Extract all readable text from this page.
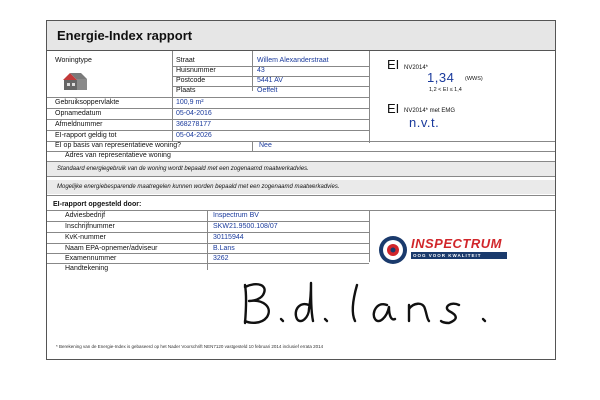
Energie-Index rapport
Woningtype	Straat	Willem Alexanderstraat
Huisnummer	43
Postcode	5441 AV
Plaats	Oeffelt
EI NV2014*
1,34 (WWS)
1,2 < EI ≤ 1,4
EI NV2014* met EMG
n.v.t.
Gebruiksoppervlakte	100,9 m²
Opnamedatum	05-04-2016
Afmeldnummer	368278177
EI-rapport geldig tot	05-04-2026
EI op basis van representatieve woning?	Nee
Adres van representatieve woning
Standaard energiegebruik van de woning wordt bepaald met een zogenaamd maatwerkadvies.
Mogelijke energiebesparende maatregelen kunnen worden bepaald met een zogenaamd maatwerkadvies.
EI-rapport opgesteld door:
Adviesbedrijf	Inspectrum BV
Inschrijfnummer	SKW21.9500.108/07
KvK-nummer	30115944
Naam EPA-opnemer/adviseur	B.Lans
Examennummer	3262
Handtekening
INSPECTRUM
OOG VOOR KWALITEIT
* Berekening van de Energie-Index is gebaseerd op het Nader Voorschrift NEN7120 vastgesteld 10 februari 2014 inclusief errata 2014
